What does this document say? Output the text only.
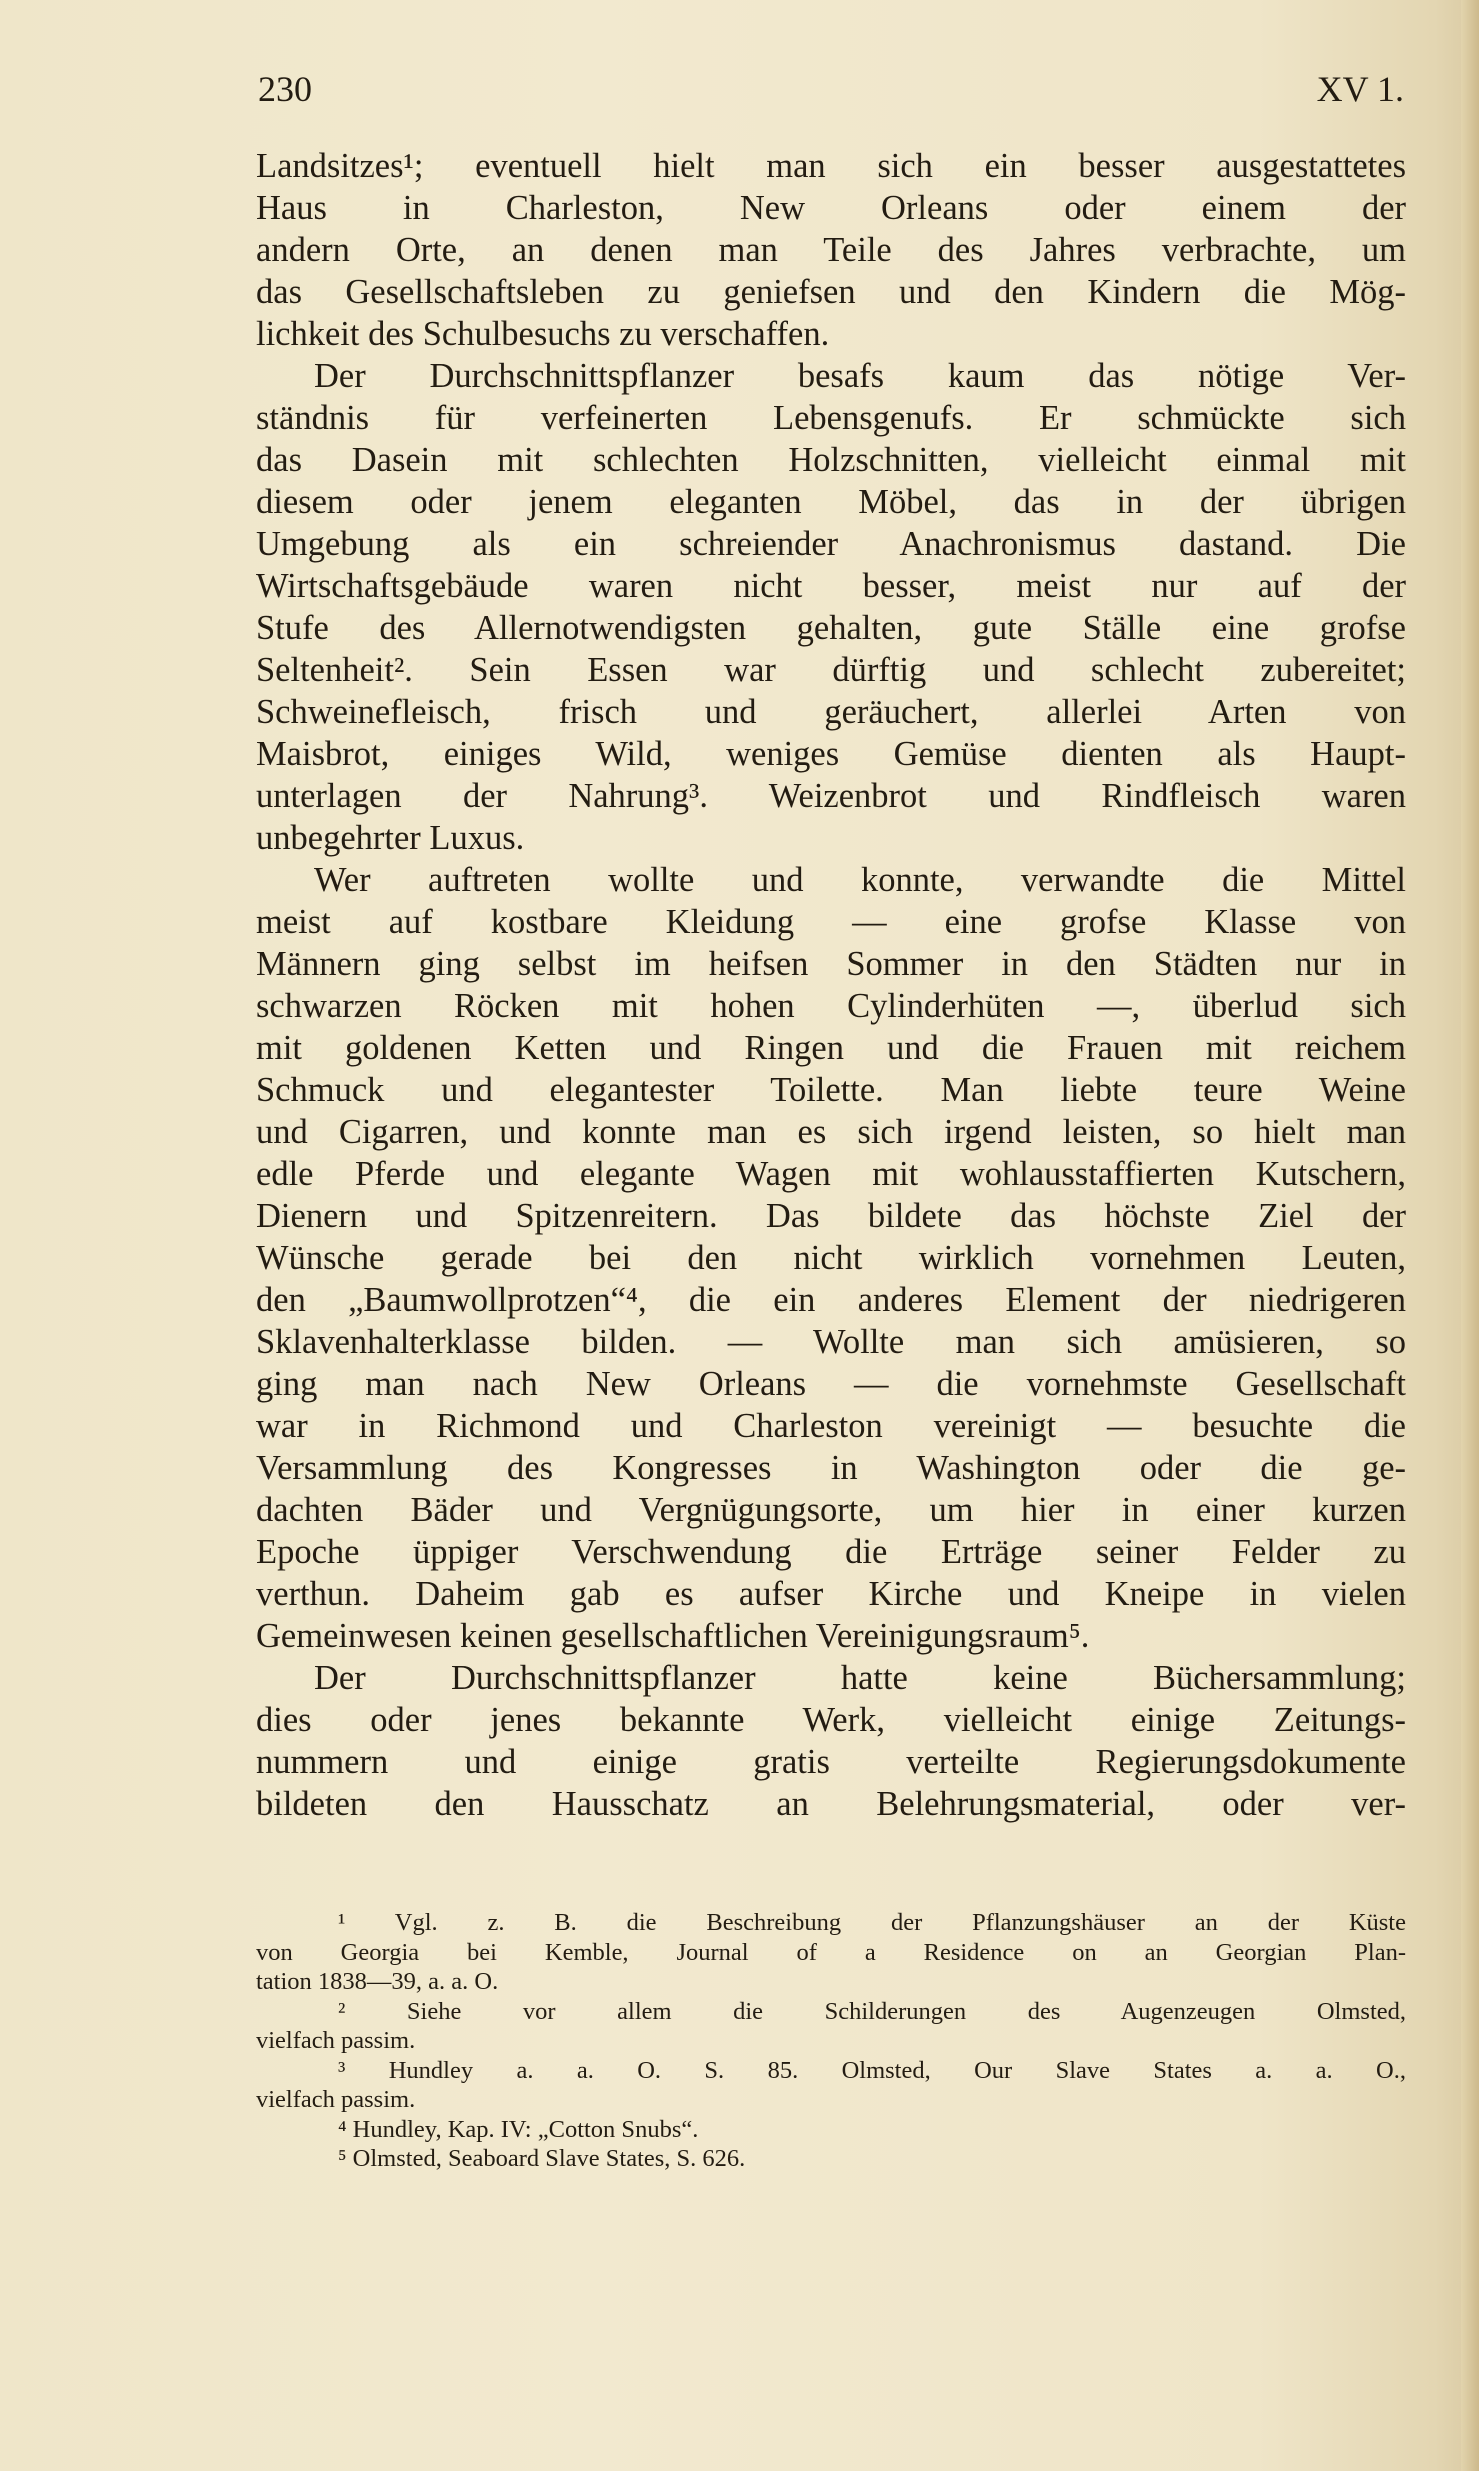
230	XV 1.
Landsitzes¹; eventuell hielt man sich ein besser ausgestattetes
Haus in Charleston, New Orleans oder einem der
andern Orte, an denen man Teile des Jahres verbrachte, um
das Gesellschaftsleben zu geniefsen und den Kindern die Mög-
lichkeit des Schulbesuchs zu verschaffen.
Der Durchschnittspflanzer besafs kaum das nötige Ver-
ständnis für verfeinerten Lebensgenufs. Er schmückte sich
das Dasein mit schlechten Holzschnitten, vielleicht einmal mit
diesem oder jenem eleganten Möbel, das in der übrigen
Umgebung als ein schreiender Anachronismus dastand. Die
Wirtschaftsgebäude waren nicht besser, meist nur auf der
Stufe des Allernotwendigsten gehalten, gute Ställe eine grofse
Seltenheit². Sein Essen war dürftig und schlecht zubereitet;
Schweinefleisch, frisch und geräuchert, allerlei Arten von
Maisbrot, einiges Wild, weniges Gemüse dienten als Haupt-
unterlagen der Nahrung³. Weizenbrot und Rindfleisch waren
unbegehrter Luxus.
Wer auftreten wollte und konnte, verwandte die Mittel
meist auf kostbare Kleidung — eine grofse Klasse von
Männern ging selbst im heifsen Sommer in den Städten nur in
schwarzen Röcken mit hohen Cylinderhüten —, überlud sich
mit goldenen Ketten und Ringen und die Frauen mit reichem
Schmuck und elegantester Toilette. Man liebte teure Weine
und Cigarren, und konnte man es sich irgend leisten, so hielt man
edle Pferde und elegante Wagen mit wohlausstaffierten Kutschern,
Dienern und Spitzenreitern. Das bildete das höchste Ziel der
Wünsche gerade bei den nicht wirklich vornehmen Leuten,
den „Baumwollprotzen“⁴, die ein anderes Element der niedrigeren
Sklavenhalterklasse bilden. — Wollte man sich amüsieren, so
ging man nach New Orleans — die vornehmste Gesellschaft
war in Richmond und Charleston vereinigt — besuchte die
Versammlung des Kongresses in Washington oder die ge-
dachten Bäder und Vergnügungsorte, um hier in einer kurzen
Epoche üppiger Verschwendung die Erträge seiner Felder zu
verthun. Daheim gab es aufser Kirche und Kneipe in vielen
Gemeinwesen keinen gesellschaftlichen Vereinigungsraum⁵.
Der Durchschnittspflanzer hatte keine Büchersammlung;
dies oder jenes bekannte Werk, vielleicht einige Zeitungs-
nummern und einige gratis verteilte Regierungsdokumente
bildeten den Hausschatz an Belehrungsmaterial, oder ver-
¹ Vgl. z. B. die Beschreibung der Pflanzungshäuser an der Küste
von Georgia bei Kemble, Journal of a Residence on an Georgian Plan-
tation 1838—39, a. a. O.
² Siehe vor allem die Schilderungen des Augenzeugen Olmsted,
vielfach passim.
³ Hundley a. a. O. S. 85. Olmsted, Our Slave States a. a. O.,
vielfach passim.
⁴ Hundley, Kap. IV: „Cotton Snubs“.
⁵ Olmsted, Seaboard Slave States, S. 626.
